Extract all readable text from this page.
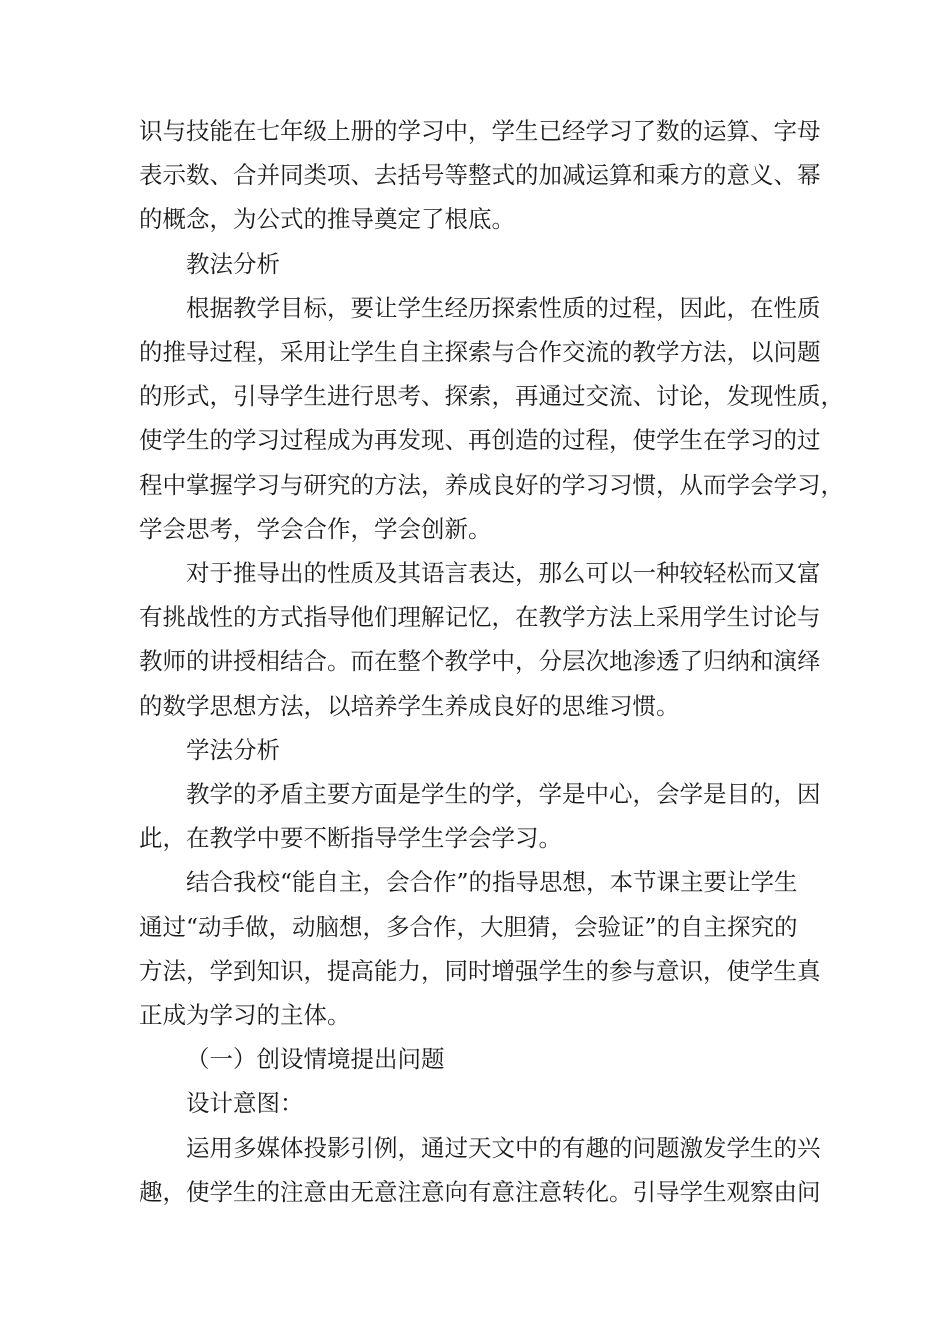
识与技能在七年级上册的学习中，学生已经学习了数的运算、字母
表示数、合并同类项、去括号等整式的加减运算和乘方的意义、幂
的概念，为公式的推导奠定了根底。
教法分析
根据教学目标，要让学生经历探索性质的过程，因此，在性质
的推导过程，采用让学生自主探索与合作交流的教学方法，以问题
的形式，引导学生进行思考、探索，再通过交流、讨论，发现性质，
使学生的学习过程成为再发现、再创造的过程，使学生在学习的过
程中掌握学习与研究的方法，养成良好的学习习惯，从而学会学习，
学会思考，学会合作，学会创新。
对于推导出的性质及其语言表达，那么可以一种较轻松而又富
有挑战性的方式指导他们理解记忆，在教学方法上采用学生讨论与
教师的讲授相结合。而在整个教学中，分层次地渗透了归纳和演绎
的数学思想方法，以培养学生养成良好的思维习惯。
学法分析
教学的矛盾主要方面是学生的学，学是中心，会学是目的，因
此，在教学中要不断指导学生学会学习。
结合我校“能自主，会合作”的指导思想，本节课主要让学生
通过“动手做，动脑想，多合作，大胆猜，会验证”的自主探究的
方法，学到知识，提高能力，同时增强学生的参与意识，使学生真
正成为学习的主体。
（一）创设情境提出问题
设计意图：
运用多媒体投影引例，通过天文中的有趣的问题激发学生的兴
趣，使学生的注意由无意注意向有意注意转化。引导学生观察由问
